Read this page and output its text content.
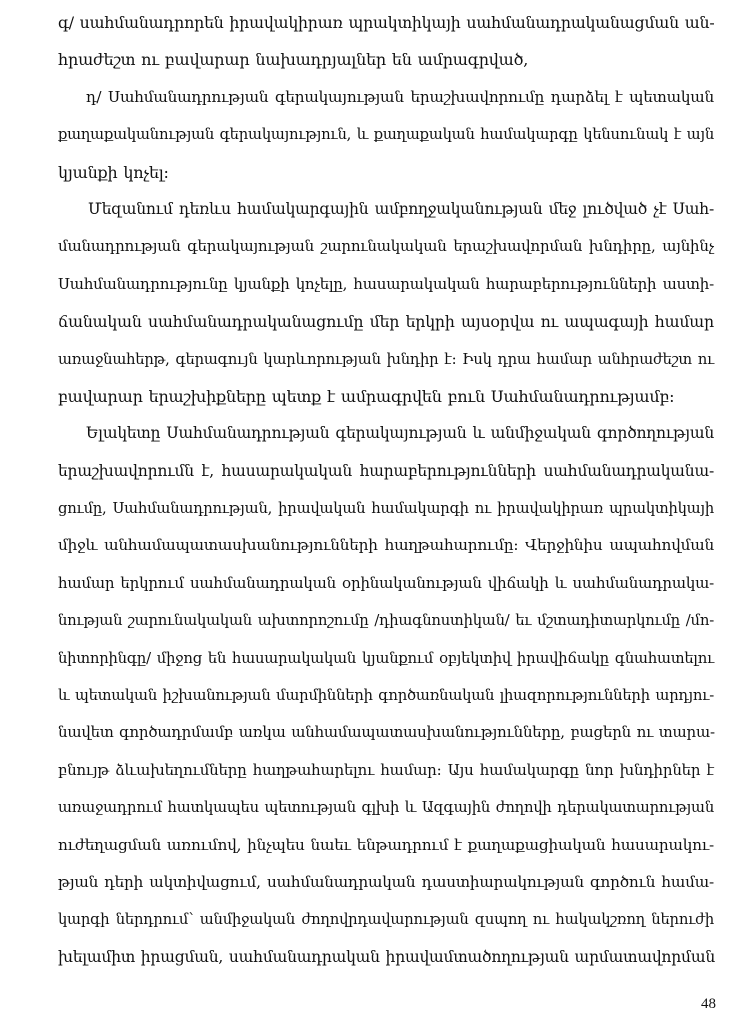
գ/ սահմանադրորեն իրավակիրառ պրակտիկայի սահմանադրականացման ան-
հրաժեշտ ու բավարար նախադրյալներ են ամրագրված,
դ/ Սահմանադրության գերակայության երաշխավորումը դարձել է պետական
քաղաքականության գերակայություն, և քաղաքական համակարգը կենսունակ է այն
կյանքի կոչել:
Մեզանում դեռևս համակարգային ամբողջականության մեջ լուծված չէ Սահ-
մանադրության գերակայության շարունակական երաշխավորման խնդիրը, այնինչ
Սահմանադրությունը կյանքի կոչելը, հասարակական հարաբերությունների աստի-
ճանական սահմանադրականացումը մեր երկրի այսօրվա ու ապագայի համար
առաջնահերթ, գերագույն կարևորության խնդիր է: Իսկ դրա համար անհրաժեշտ ու
բավարար երաշխիքները պետք է ամրագրվեն բուն Սահմանադրությամբ:
Ելակետը Սահմանադրության գերակայության և անմիջական գործողության
երաշխավորումն է, հասարակական հարաբերությունների սահմանադրականա-
ցումը, Սահմանադրության, իրավական համակարգի ու իրավակիրառ պրակտիկայի
միջև անհամապատասխանությունների հաղթահարումը: Վերջինիս ապահովման
համար երկրում սահմանադրական օրինականության վիճակի և սահմանադրակա-
նության շարունակական ախտորոշումը /դիագնոստիկան/ եւ մշտադիտարկումը /մո-
նիտորինգը/ միջոց են հասարակական կյանքում օբյեկտիվ իրավիճակը գնահատելու
և պետական իշխանության մարմինների գործառնական լիազորությունների արդյու-
նավետ գործադրմամբ առկա անհամապատասխանությունները, բացերն ու տարա-
բնույթ ձևախեղումները հաղթահարելու համար: Այս համակարգը նոր խնդիրներ է
առաջադրում հատկապես պետության գլխի և Ազգային ժողովի դերակատարության
ուժեղացման առումով, ինչպես նաեւ ենթադրում է քաղաքացիական հասարակու-
թյան դերի ակտիվացում, սահմանադրական դաստիարակության գործուն համա-
կարգի ներդրում՝ անմիջական ժողովրդավարության զսպող ու հակակշռող ներուժի
խելամիտ իրացման, սահմանադրական իրավամտածողության արմատավորման
48
